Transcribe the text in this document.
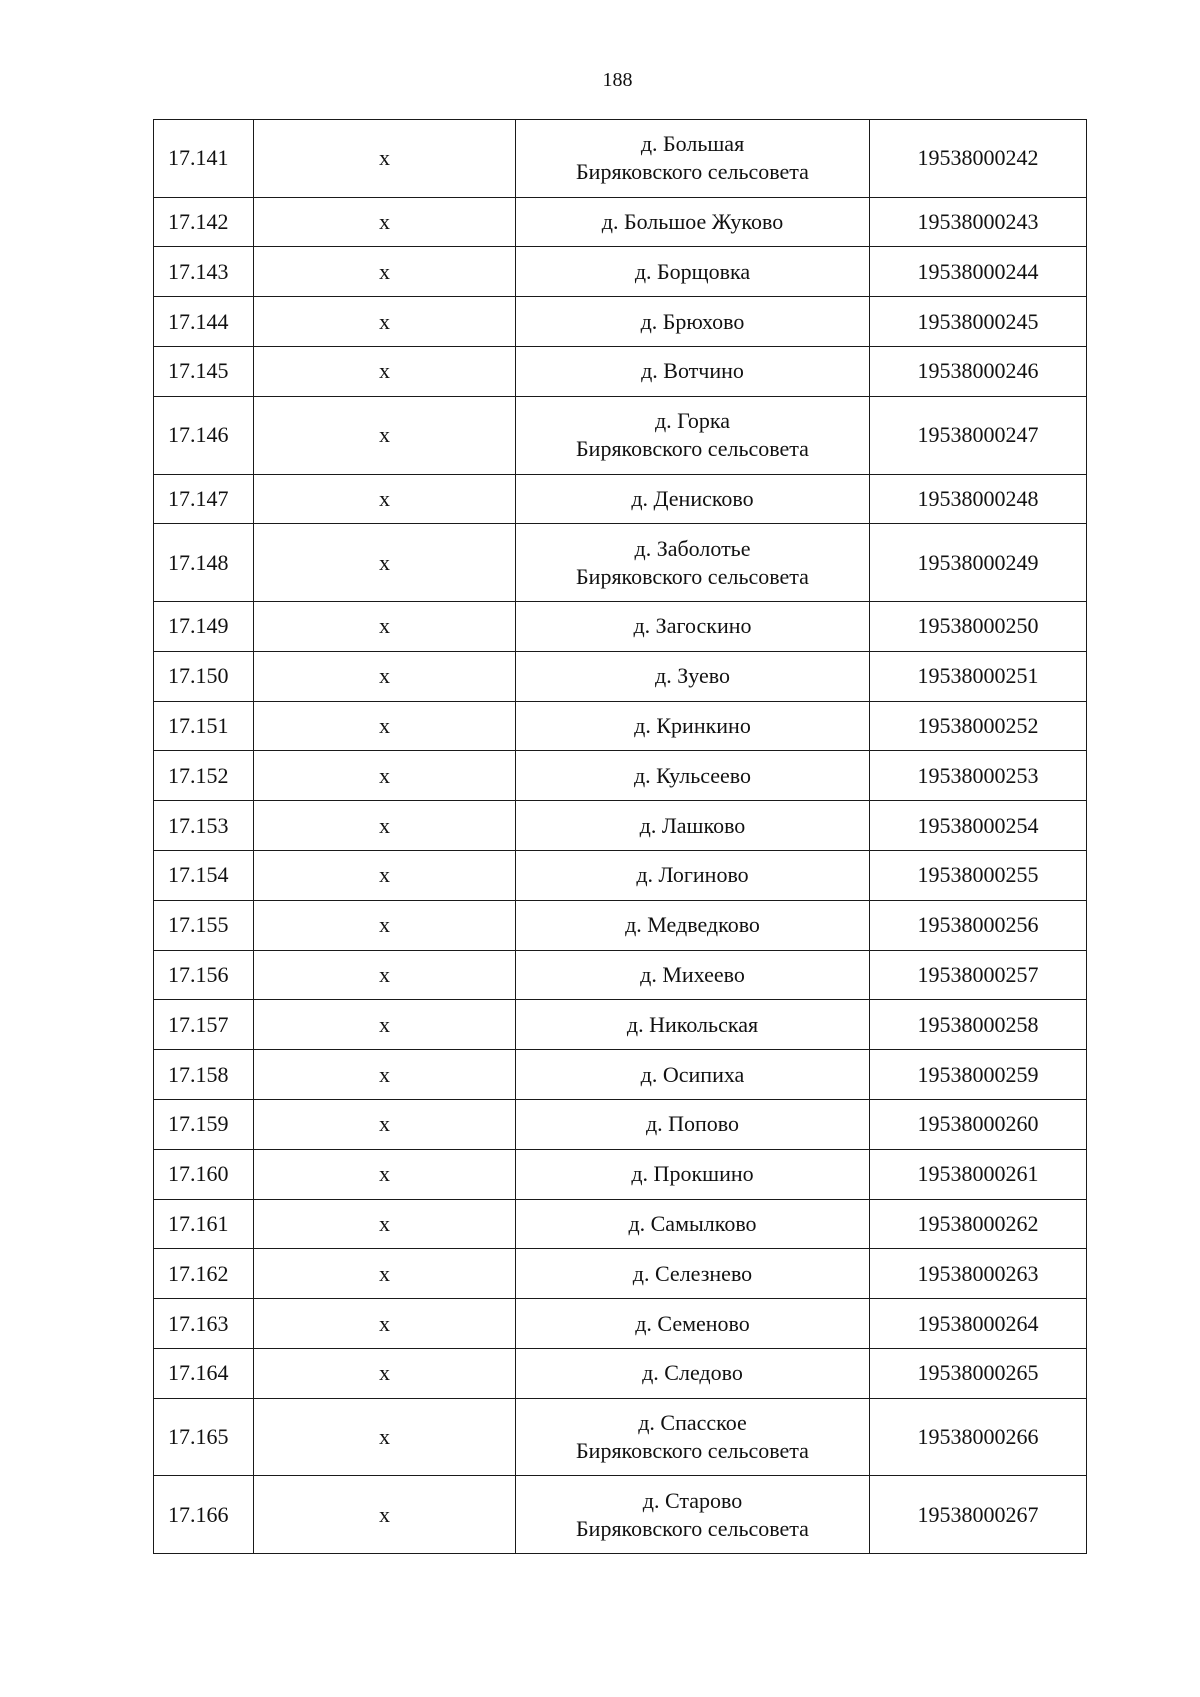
188
17.141	х	д. Большая
Биряковского сельсовета	19538000242
17.142	х	д. Большое Жуково	19538000243
17.143	х	д. Борщовка	19538000244
17.144	х	д. Брюхово	19538000245
17.145	х	д. Вотчино	19538000246
17.146	х	д. Горка
Биряковского сельсовета	19538000247
17.147	х	д. Денисково	19538000248
17.148	х	д. Заболотье
Биряковского сельсовета	19538000249
17.149	х	д. Загоскино	19538000250
17.150	х	д. Зуево	19538000251
17.151	х	д. Кринкино	19538000252
17.152	х	д. Кульсеево	19538000253
17.153	х	д. Лашково	19538000254
17.154	х	д. Логиново	19538000255
17.155	х	д. Медведково	19538000256
17.156	х	д. Михеево	19538000257
17.157	х	д. Никольская	19538000258
17.158	х	д. Осипиха	19538000259
17.159	х	д. Попово	19538000260
17.160	х	д. Прокшино	19538000261
17.161	х	д. Самылково	19538000262
17.162	х	д. Селезнево	19538000263
17.163	х	д. Семеново	19538000264
17.164	х	д. Следово	19538000265
17.165	х	д. Спасское
Биряковского сельсовета	19538000266
17.166	х	д. Старово
Биряковского сельсовета	19538000267
